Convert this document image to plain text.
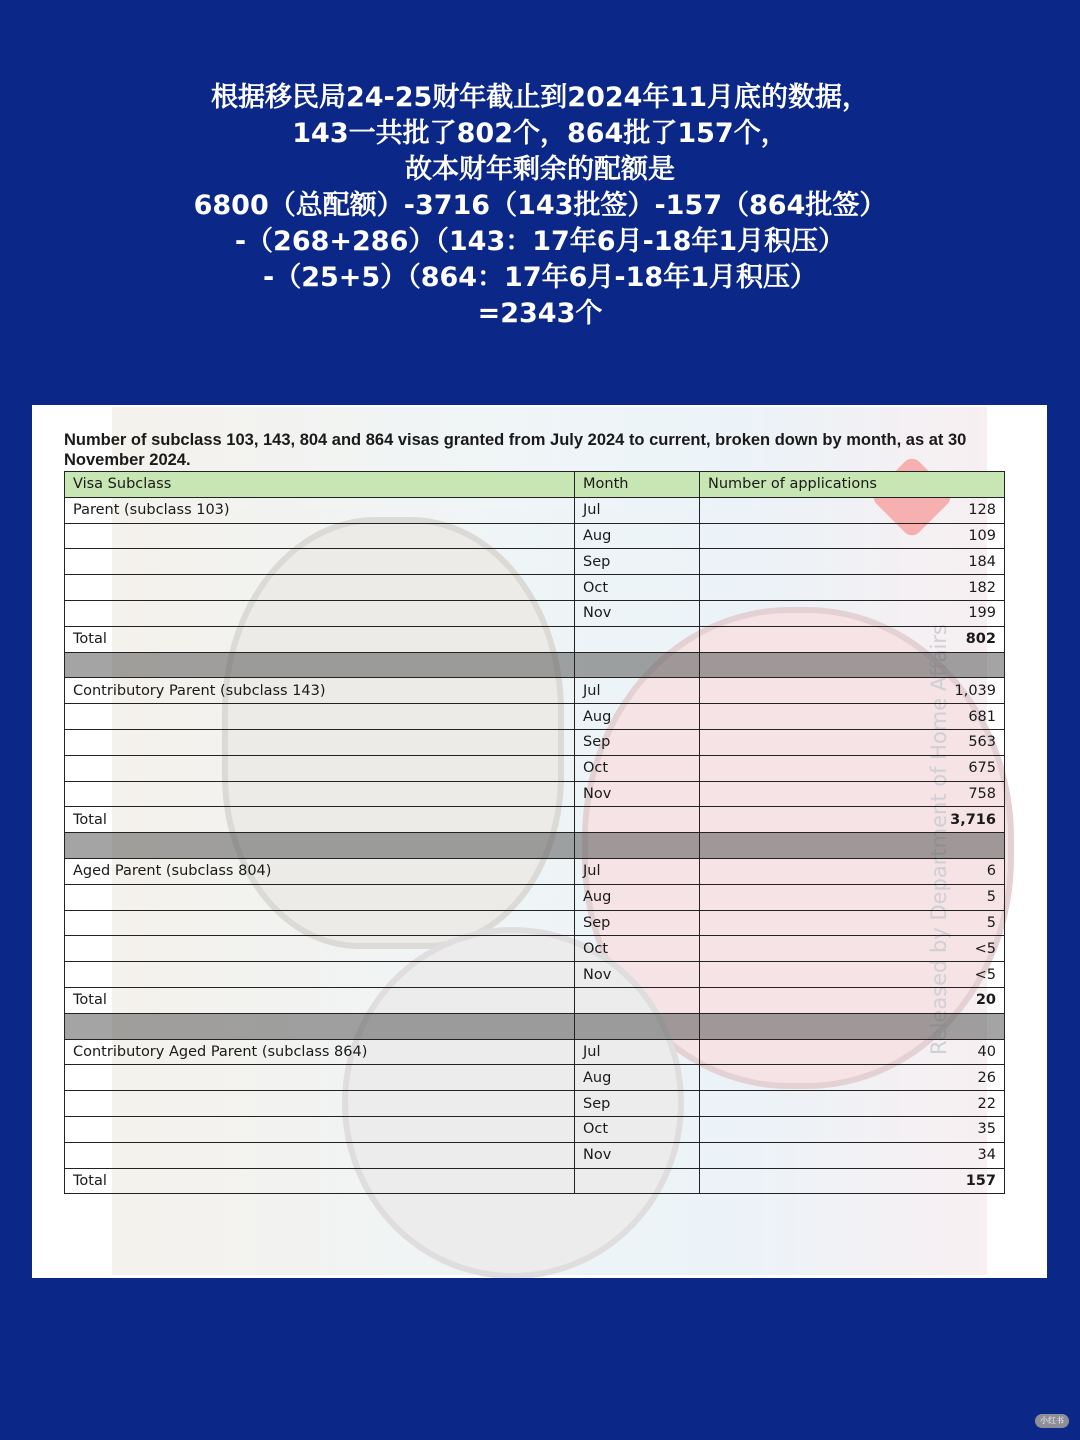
根据移民局24-25财年截止到2024年11月底的数据，
143一共批了802个，864批了157个，
故本财年剩余的配额是
6800（总配额）-3716（143批签）-157（864批签）
-（268+286）（143：17年6月-18年1月积压）
-（25+5）（864：17年6月-18年1月积压）
=2343个
Number of subclass 103, 143, 804 and 864 visas granted from July 2024 to current, broken down by month, as at 30 November 2024.
Visa Subclass	Month	Number of applications
Parent (subclass 103)	Jul	128
	Aug	109
	Sep	184
	Oct	182
	Nov	199
Total		802

Contributory Parent (subclass 143)	Jul	1,039
	Aug	681
	Sep	563
	Oct	675
	Nov	758
Total		3,716

Aged Parent (subclass 804)	Jul	6
	Aug	5
	Sep	5
	Oct	<5
	Nov	<5
Total		20

Contributory Aged Parent (subclass 864)	Jul	40
	Aug	26
	Sep	22
	Oct	35
	Nov	34
Total		157
小红书
